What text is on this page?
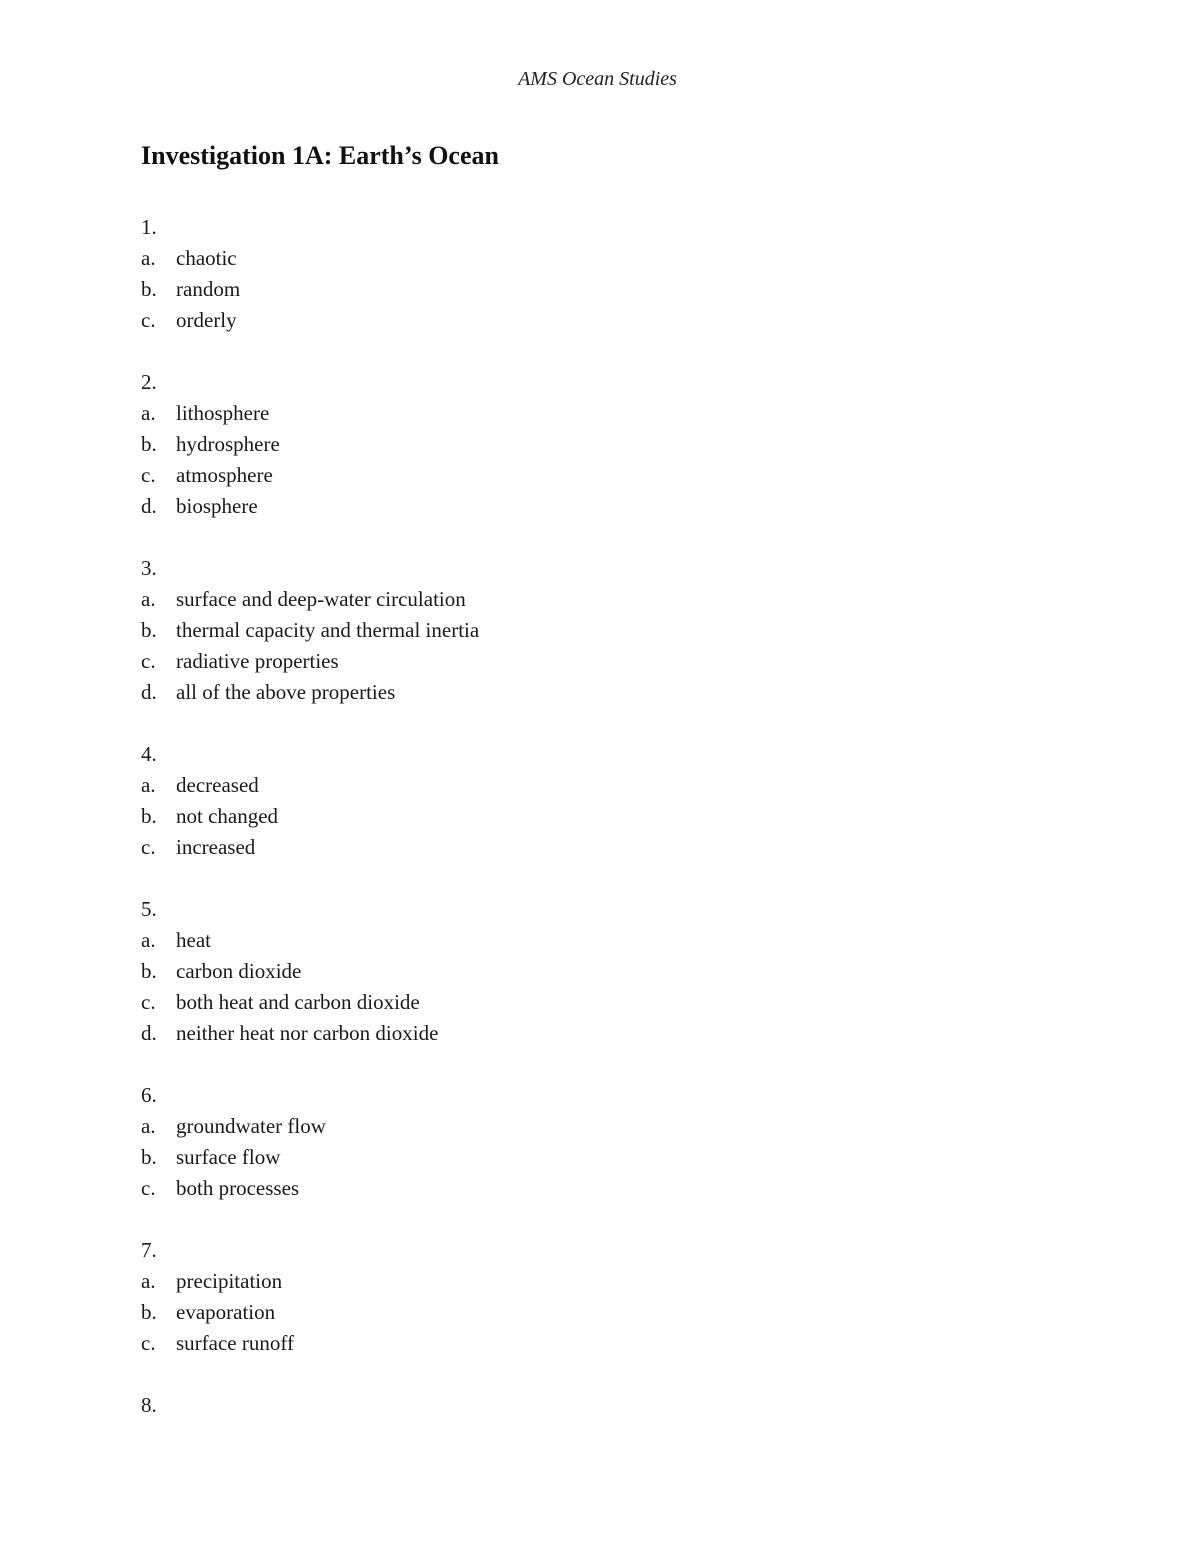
AMS Ocean Studies
Investigation 1A: Earth’s Ocean
1.
a. chaotic
b. random
c. orderly
2.
a. lithosphere
b. hydrosphere
c. atmosphere
d. biosphere
3.
a. surface and deep-water circulation
b. thermal capacity and thermal inertia
c. radiative properties
d. all of the above properties
4.
a. decreased
b. not changed
c. increased
5.
a. heat
b. carbon dioxide
c. both heat and carbon dioxide
d. neither heat nor carbon dioxide
6.
a. groundwater flow
b. surface flow
c. both processes
7.
a. precipitation
b. evaporation
c. surface runoff
8.
